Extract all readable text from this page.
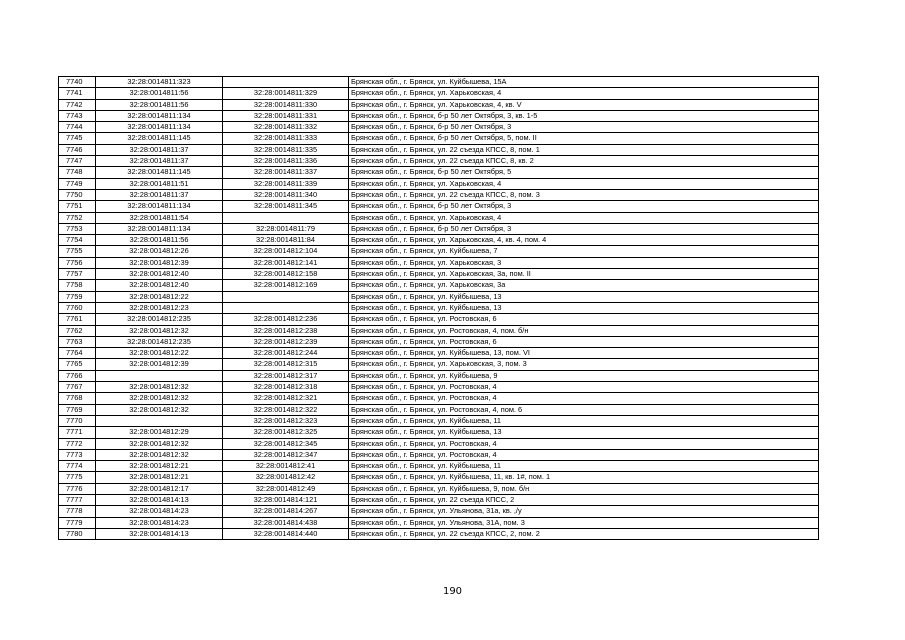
7740	32:28:0014811:323		Брянская обл., г. Брянск, ул. Куйбышева, 15А
7741	32:28:0014811:56	32:28:0014811:329	Брянская обл., г. Брянск, ул. Харьковская, 4
7742	32:28:0014811:56	32:28:0014811:330	Брянская обл., г. Брянск, ул. Харьковская, 4, кв. V
7743	32:28:0014811:134	32:28:0014811:331	Брянская обл., г. Брянск, б-р 50 лет Октября, 3, кв. 1-5
7744	32:28:0014811:134	32:28:0014811:332	Брянская обл., г. Брянск, б-р 50 лет Октября, 3
7745	32:28:0014811:145	32:28:0014811:333	Брянская обл., г. Брянск, б-р 50 лет Октября, 5, пом. II
7746	32:28:0014811:37	32:28:0014811:335	Брянская обл., г. Брянск, ул. 22 съезда КПСС, 8, пом. 1
7747	32:28:0014811:37	32:28:0014811:336	Брянская обл., г. Брянск, ул. 22 съезда КПСС, 8, кв. 2
7748	32:28:0014811:145	32:28:0014811:337	Брянская обл., г. Брянск, б-р 50 лет Октября, 5
7749	32:28:0014811:51	32:28:0014811:339	Брянская обл., г. Брянск, ул. Харьковская, 4
7750	32:28:0014811:37	32:28:0014811:340	Брянская обл., г. Брянск, ул. 22 съезда КПСС, 8, пом. 3
7751	32:28:0014811:134	32:28:0014811:345	Брянская обл., г. Брянск, б-р 50 лет Октября, 3
7752	32:28:0014811:54		Брянская обл., г. Брянск, ул. Харьковская, 4
7753	32:28:0014811:134	32:28:0014811:79	Брянская обл., г. Брянск, б-р 50 лет Октября, 3
7754	32:28:0014811:56	32:28:0014811:84	Брянская обл., г. Брянск, ул. Харьковская, 4, кв. 4, пом. 4
7755	32:28:0014812:26	32:28:0014812:104	Брянская обл., г. Брянск, ул. Куйбышева, 7
7756	32:28:0014812:39	32:28:0014812:141	Брянская обл., г. Брянск, ул. Харьковская, 3
7757	32:28:0014812:40	32:28:0014812:158	Брянская обл., г. Брянск, ул. Харьковская, 3а, пом. II
7758	32:28:0014812:40	32:28:0014812:169	Брянская обл., г. Брянск, ул. Харьковская, 3а
7759	32:28:0014812:22		Брянская обл., г. Брянск, ул. Куйбышева, 13
7760	32:28:0014812:23		Брянская обл., г. Брянск, ул. Куйбышева, 13
7761	32:28:0014812:235	32:28:0014812:236	Брянская обл., г. Брянск, ул. Ростовская, 6
7762	32:28:0014812:32	32:28:0014812:238	Брянская обл., г. Брянск, ул. Ростовская, 4, пом. б/н
7763	32:28:0014812:235	32:28:0014812:239	Брянская обл., г. Брянск, ул. Ростовская, 6
7764	32:28:0014812:22	32:28:0014812:244	Брянская обл., г. Брянск, ул. Куйбышева, 13, пом. VI
7765	32:28:0014812:39	32:28:0014812:315	Брянская обл., г. Брянск, ул. Харьковская, 3, пом. 3
7766		32:28:0014812:317	Брянская обл., г. Брянск, ул. Куйбышева, 9
7767	32:28:0014812:32	32:28:0014812:318	Брянская обл., г. Брянск, ул. Ростовская, 4
7768	32:28:0014812:32	32:28:0014812:321	Брянская обл., г. Брянск, ул. Ростовская, 4
7769	32:28:0014812:32	32:28:0014812:322	Брянская обл., г. Брянск, ул. Ростовская, 4, пом. 6
7770		32:28:0014812:323	Брянская обл., г. Брянск, ул. Куйбышева, 11
7771	32:28:0014812:29	32:28:0014812:325	Брянская обл., г. Брянск, ул. Куйбышева, 13
7772	32:28:0014812:32	32:28:0014812:345	Брянская обл., г. Брянск, ул. Ростовская, 4
7773	32:28:0014812:32	32:28:0014812:347	Брянская обл., г. Брянск, ул. Ростовская, 4
7774	32:28:0014812:21	32:28:0014812:41	Брянская обл., г. Брянск, ул. Куйбышева, 11
7775	32:28:0014812:21	32:28:0014812:42	Брянская обл., г. Брянск, ул. Куйбышева, 11, кв. 1#, пом. 1
7776	32:28:0014812:17	32:28:0014812:49	Брянская обл., г. Брянск, ул. Куйбышева, 9, пом. б/н
7777	32:28:0014814:13	32:28:0014814:121	Брянская обл., г. Брянск, ул. 22 съезда КПСС, 2
7778	32:28:0014814:23	32:28:0014814:267	Брянская обл., г. Брянск, ул. Ульянова, 31а, кв. ,/у
7779	32:28:0014814:23	32:28:0014814:438	Брянская обл., г. Брянск, ул. Ульянова, 31А, пом. 3
7780	32:28:0014814:13	32:28:0014814:440	Брянская обл., г. Брянск, ул. 22 съезда КПСС, 2, пом. 2
190
